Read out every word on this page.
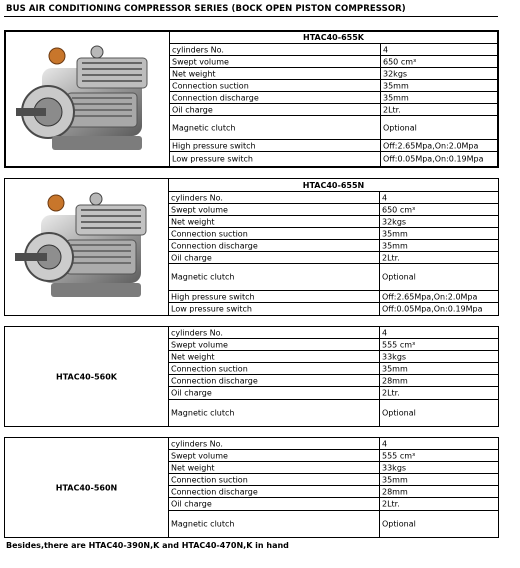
BUS AIR CONDITIONING COMPRESSOR SERIES (BOCK OPEN PISTON COMPRESSOR)
HTAC40-655K
cylinders No.	4
Swept volume	650 cm³
Net weight	32kgs
Connection suction	35mm
Connection discharge	35mm
Oil charge	2Ltr.
Magnetic clutch	Optional
High pressure switch	Off:2.65Mpa,On:2.0Mpa
Low pressure switch	Off:0.05Mpa,On:0.19Mpa
HTAC40-655N
cylinders No.	4
Swept volume	650 cm³
Net weight	32kgs
Connection suction	35mm
Connection discharge	35mm
Oil charge	2Ltr.
Magnetic clutch	Optional
High pressure switch	Off:2.65Mpa,On:2.0Mpa
Low pressure switch	Off:0.05Mpa,On:0.19Mpa
HTAC40-560K
cylinders No.	4
Swept volume	555 cm³
Net weight	33kgs
Connection suction	35mm
Connection discharge	28mm
Oil charge	2Ltr.
Magnetic clutch	Optional
HTAC40-560N
cylinders No.	4
Swept volume	555 cm³
Net weight	33kgs
Connection suction	35mm
Connection discharge	28mm
Oil charge	2Ltr.
Magnetic clutch	Optional
Besides,there are HTAC40-390N,K and HTAC40-470N,K in hand
